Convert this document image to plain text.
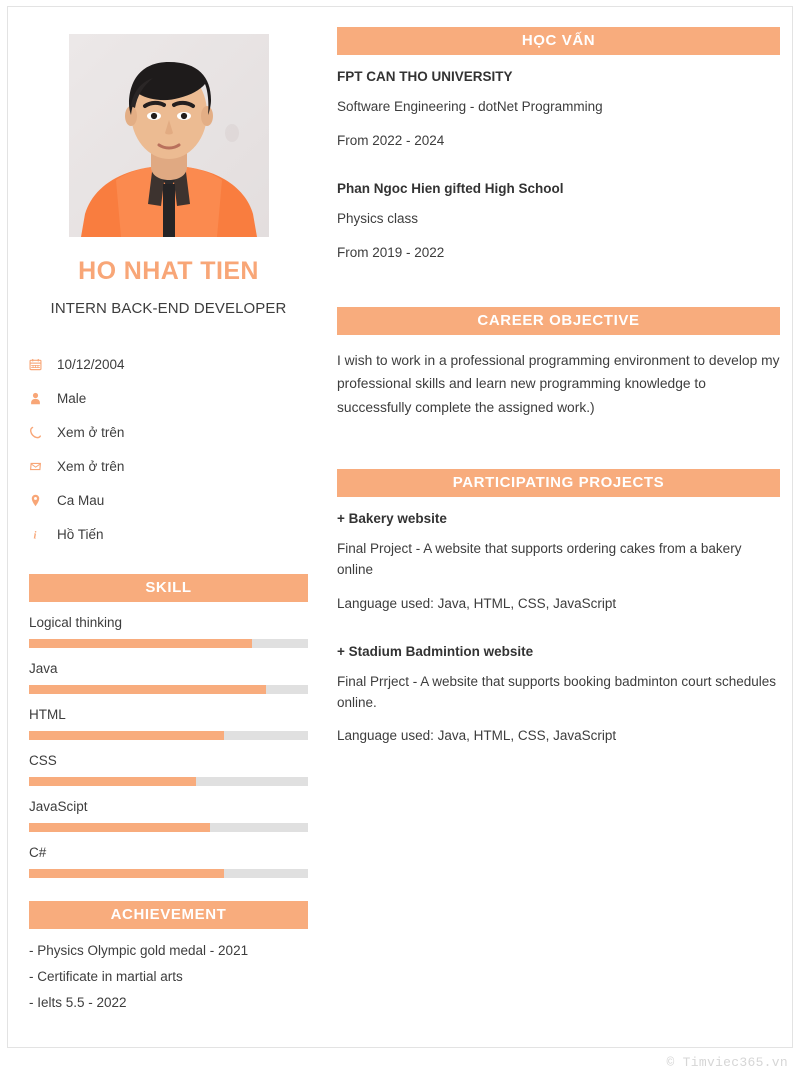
HO NHAT TIEN
INTERN BACK-END DEVELOPER
10/12/2004
Male
Xem ở trên
Xem ở trên
Ca Mau
i	Hồ Tiến
SKILL
Logical thinking
Java
HTML
CSS
JavaScipt
C#
ACHIEVEMENT
- Physics Olympic gold medal - 2021
- Certificate in martial arts
- Ielts 5.5 - 2022
HỌC VẤN
FPT CAN THO UNIVERSITY
Software Engineering - dotNet Programming
From 2022 - 2024
Phan Ngoc Hien gifted High School
Physics class
From 2019 - 2022
CAREER OBJECTIVE

I wish to work in a professional programming environment to develop my professional skills and learn new programming knowledge to successfully complete the assigned work.)

PARTICIPATING PROJECTS
+ Bakery website
Final Project - A website that supports ordering cakes from a bakery online
Language used: Java, HTML, CSS, JavaScript
+ Stadium Badmintion website
Final Prrject - A website that supports booking badminton court schedules online.
Language used: Java, HTML, CSS, JavaScript
© Timviec365.vn
